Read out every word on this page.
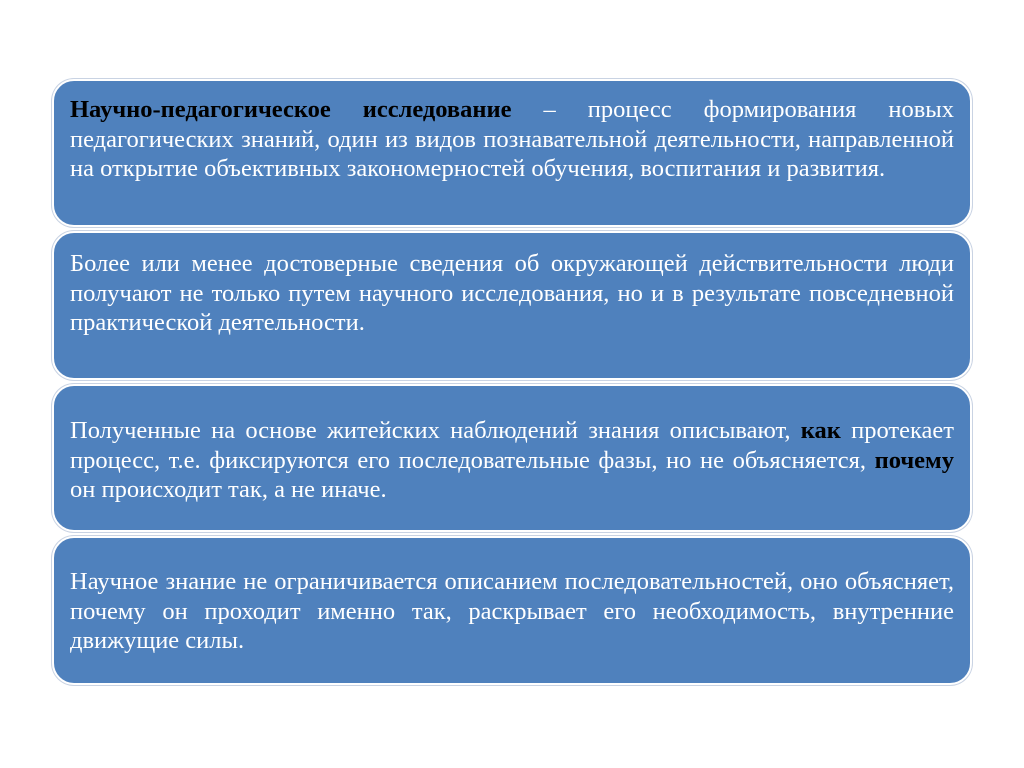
Научно-педагогическое исследование – процесс формирования новых педагогических знаний, один из видов познавательной деятельности, направленной на открытие объективных закономерностей обучения, воспитания и развития.

Более или менее достоверные сведения об окружающей действительности люди получают не только путем научного исследования, но и в результате повседневной практической деятельности.

Полученные на основе житейских наблюдений знания описывают, как протекает процесс, т.е. фиксируются его последовательные фазы, но не объясняется, почему он происходит так, а не иначе.

Научное знание не ограничивается описанием последовательностей, оно объясняет, почему он проходит именно так, раскрывает его необходимость, внутренние движущие силы.
